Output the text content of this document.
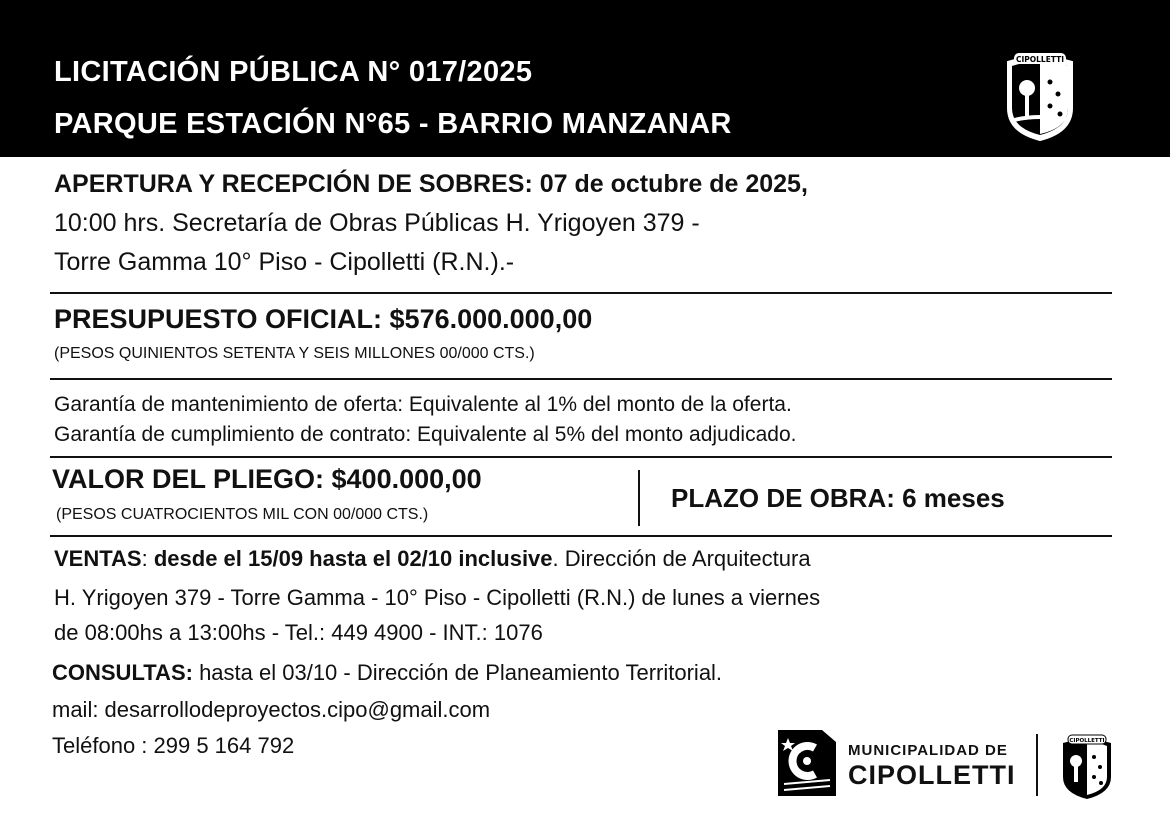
LICITACIÓN PÚBLICA N° 017/2025
PARQUE ESTACIÓN N°65 - BARRIO MANZANAR
CIPOLLETTI
APERTURA Y RECEPCIÓN DE SOBRES: 07 de octubre de 2025,
10:00 hrs. Secretaría de Obras Públicas H. Yrigoyen 379 -
Torre Gamma 10° Piso - Cipolletti (R.N.).-
PRESUPUESTO OFICIAL: $576.000.000,00
(PESOS QUINIENTOS SETENTA Y SEIS MILLONES 00/000 CTS.)
Garantía de mantenimiento de oferta: Equivalente al 1% del monto de la oferta.
Garantía de cumplimiento de contrato: Equivalente al 5% del monto adjudicado.
VALOR DEL PLIEGO: $400.000,00
(PESOS CUATROCIENTOS MIL CON 00/000 CTS.)
PLAZO DE OBRA: 6 meses
VENTAS: desde el 15/09 hasta el 02/10 inclusive. Dirección de Arquitectura
H. Yrigoyen 379 - Torre Gamma - 10° Piso - Cipolletti (R.N.) de lunes a viernes
de 08:00hs a 13:00hs - Tel.: 449 4900 - INT.: 1076
CONSULTAS: hasta el 03/10 - Dirección de Planeamiento Territorial.
mail: desarrollodeproyectos.cipo@gmail.com
Teléfono : 299 5 164 792	MUNICIPALIDAD DE
CIPOLLETTI
CIPOLLETTI
